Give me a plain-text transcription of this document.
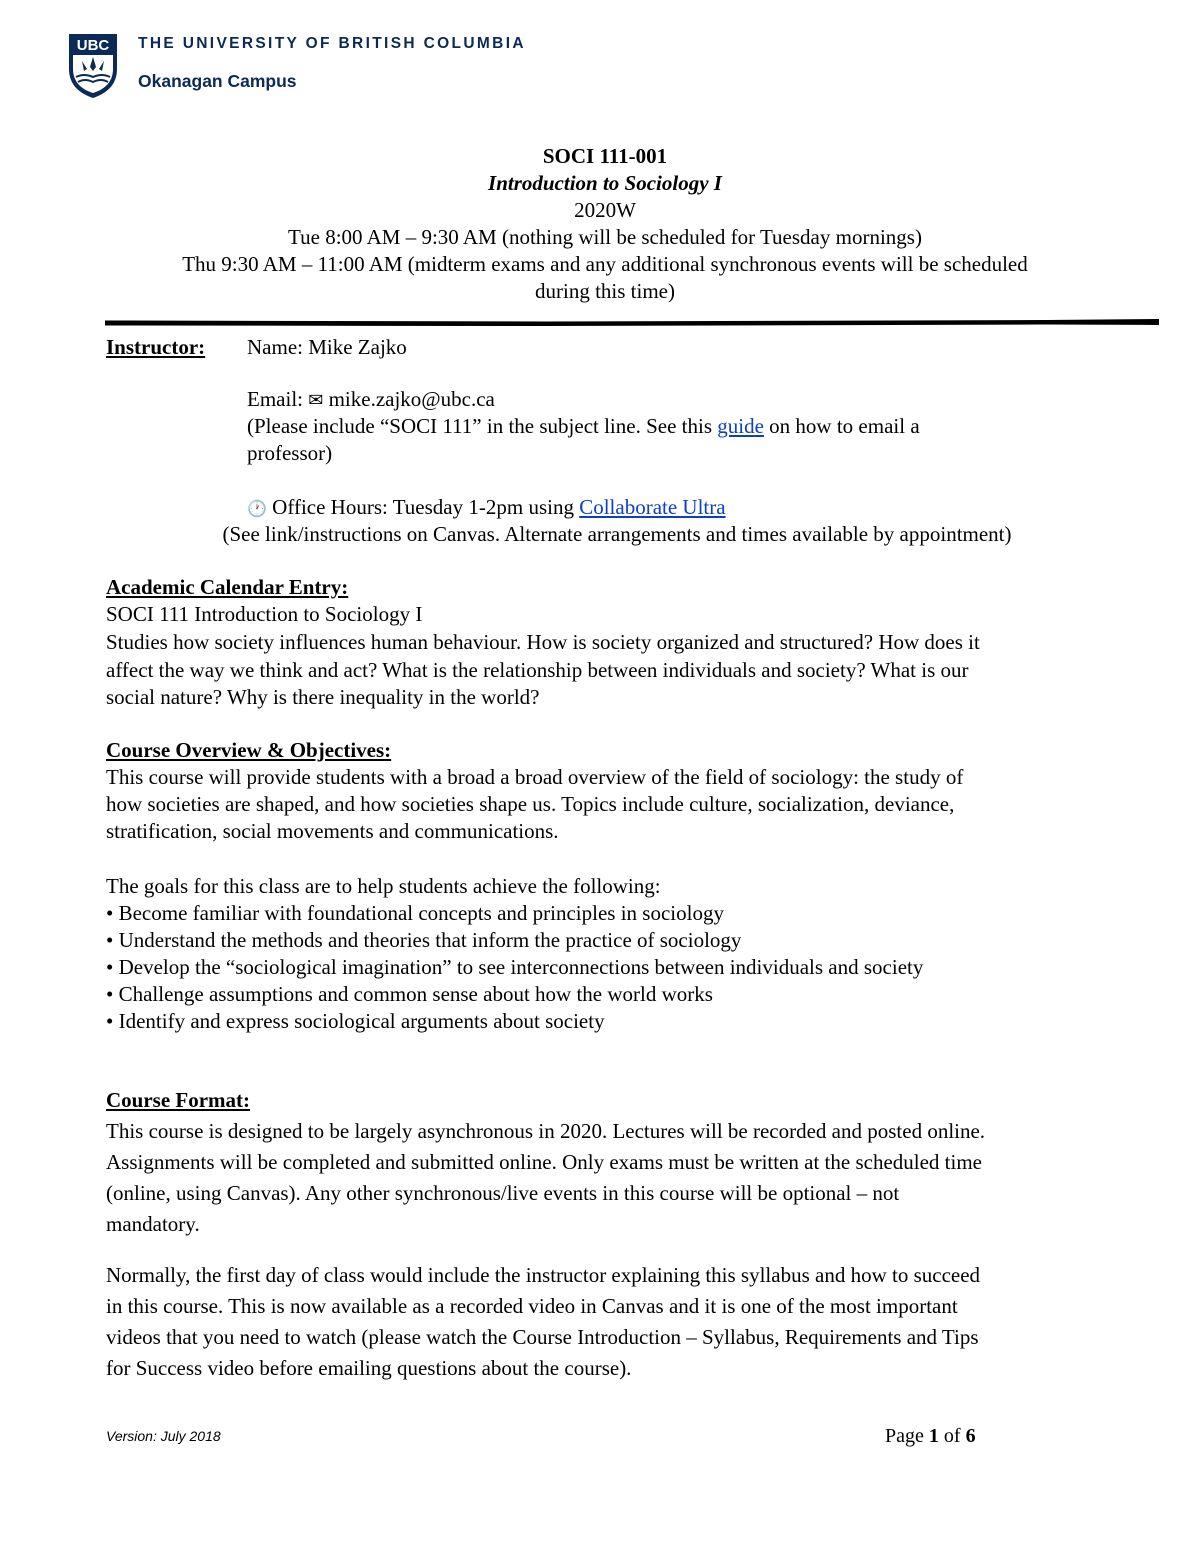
UBC THE UNIVERSITY OF BRITISH COLUMBIA
Okanagan Campus
SOCI 111-001
Introduction to Sociology I
2020W
Tue 8:00 AM – 9:30 AM (nothing will be scheduled for Tuesday mornings)
Thu 9:30 AM – 11:00 AM (midterm exams and any additional synchronous events will be scheduled
during this time)
Instructor: Name: Mike Zajko
Email: ✉ mike.zajko@ubc.ca
(Please include “SOCI 111” in the subject line. See this guide on how to email a
professor)
🕐 Office Hours: Tuesday 1-2pm using Collaborate Ultra
(See link/instructions on Canvas. Alternate arrangements and times available by appointment)
Academic Calendar Entry:
SOCI 111 Introduction to Sociology I
Studies how society influences human behaviour. How is society organized and structured? How does it
affect the way we think and act? What is the relationship between individuals and society? What is our
social nature? Why is there inequality in the world?
Course Overview & Objectives:
This course will provide students with a broad a broad overview of the field of sociology: the study of
how societies are shaped, and how societies shape us. Topics include culture, socialization, deviance,
stratification, social movements and communications.
The goals for this class are to help students achieve the following:
• Become familiar with foundational concepts and principles in sociology
• Understand the methods and theories that inform the practice of sociology
• Develop the “sociological imagination” to see interconnections between individuals and society
• Challenge assumptions and common sense about how the world works
• Identify and express sociological arguments about society
Course Format:
This course is designed to be largely asynchronous in 2020. Lectures will be recorded and posted online.
Assignments will be completed and submitted online. Only exams must be written at the scheduled time
(online, using Canvas). Any other synchronous/live events in this course will be optional – not
mandatory.
Normally, the first day of class would include the instructor explaining this syllabus and how to succeed
in this course. This is now available as a recorded video in Canvas and it is one of the most important
videos that you need to watch (please watch the Course Introduction – Syllabus, Requirements and Tips
for Success video before emailing questions about the course).
Version: July 2018	Page 1 of 6
